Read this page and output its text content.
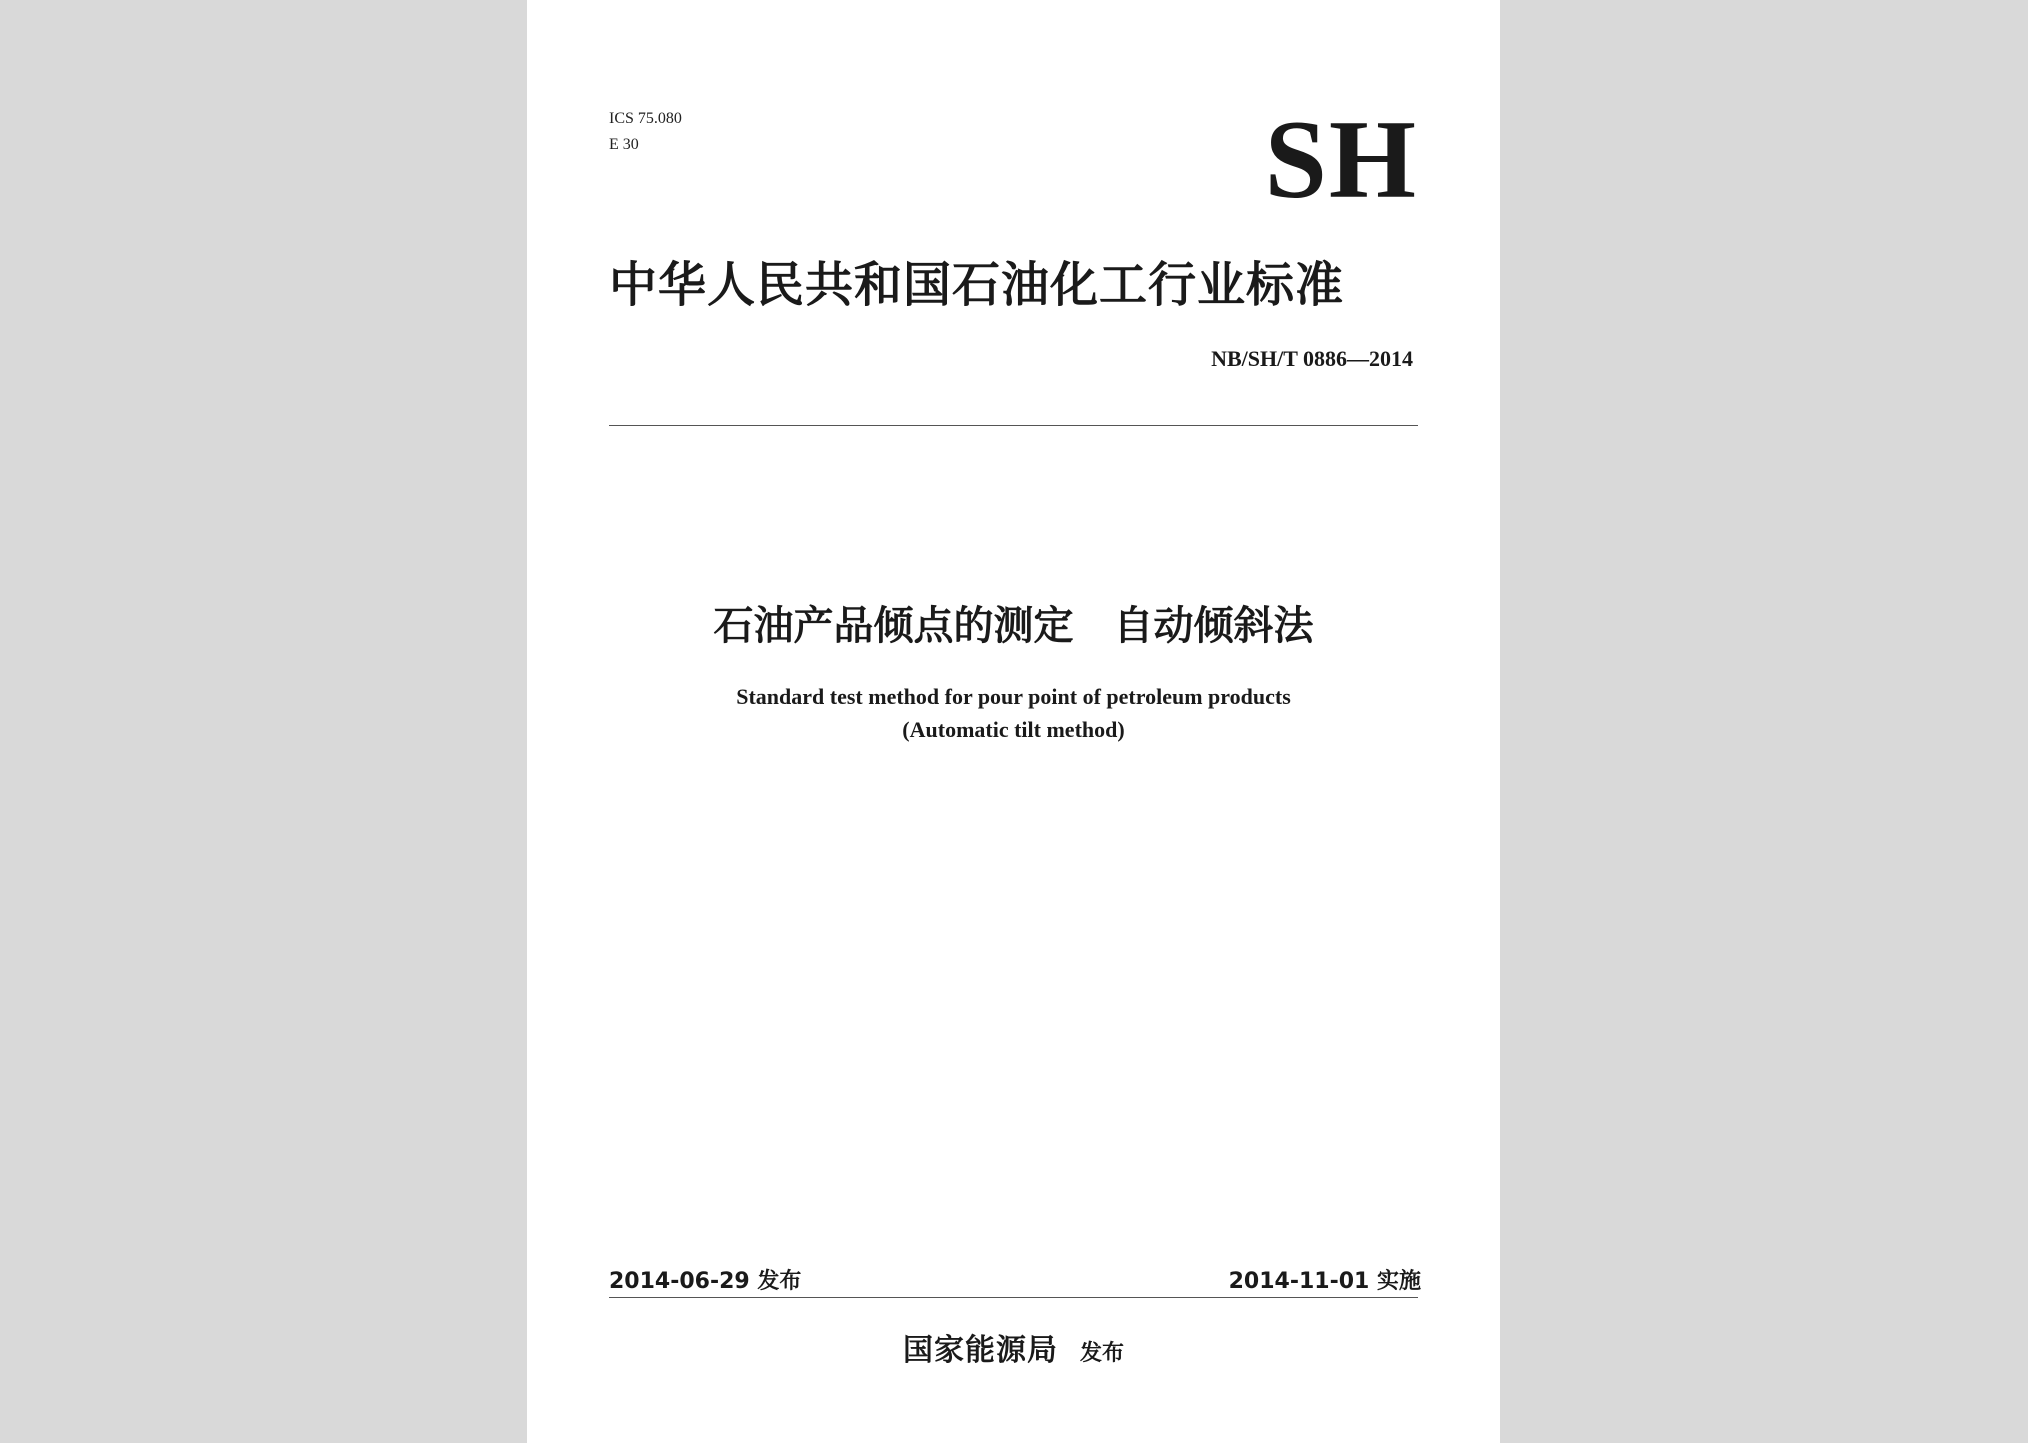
ICS 75.080
E 30	SH
中华人民共和国石油化工行业标准
NB/SH/T 0886—2014
石油产品倾点的测定　自动倾斜法
Standard test method for pour point of petroleum products
(Automatic tilt method)
2014-06-29 发布	2014-11-01 实施
国家能源局 发布
